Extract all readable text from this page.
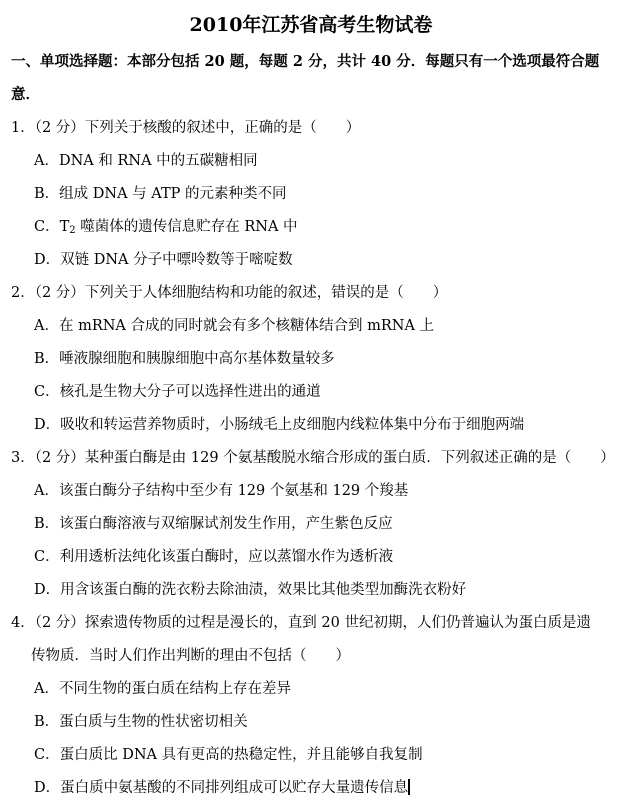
2010年江苏省高考生物试卷
一、单项选择题：本部分包括 20 题，每题 2 分，共计 40 分．每题只有一个选项最符合题
意．
1．（2 分）下列关于核酸的叙述中，正确的是（　　）
A．DNA 和 RNA 中的五碳糖相同
B．组成 DNA 与 ATP 的元素种类不同
C．$T_2$ 噬菌体的遗传信息贮存在 RNA 中
D．双链 DNA 分子中嘌呤数等于嘧啶数
2．（2 分）下列关于人体细胞结构和功能的叙述，错误的是（　　）
A．在 mRNA 合成的同时就会有多个核糖体结合到 mRNA 上
B．唾液腺细胞和胰腺细胞中高尔基体数量较多
C．核孔是生物大分子可以选择性进出的通道
D．吸收和转运营养物质时，小肠绒毛上皮细胞内线粒体集中分布于细胞两端
3．（2 分）某种蛋白酶是由 129 个氨基酸脱水缩合形成的蛋白质．下列叙述正确的是（　　）
A．该蛋白酶分子结构中至少有 129 个氨基和 129 个羧基
B．该蛋白酶溶液与双缩脲试剂发生作用，产生紫色反应
C．利用透析法纯化该蛋白酶时，应以蒸馏水作为透析液
D．用含该蛋白酶的洗衣粉去除油渍，效果比其他类型加酶洗衣粉好
4．（2 分）探索遗传物质的过程是漫长的，直到 20 世纪初期，人们仍普遍认为蛋白质是遗
传物质．当时人们作出判断的理由不包括（　　）
A．不同生物的蛋白质在结构上存在差异
B．蛋白质与生物的性状密切相关
C．蛋白质比 DNA 具有更高的热稳定性，并且能够自我复制
D．蛋白质中氨基酸的不同排列组成可以贮存大量遗传信息
